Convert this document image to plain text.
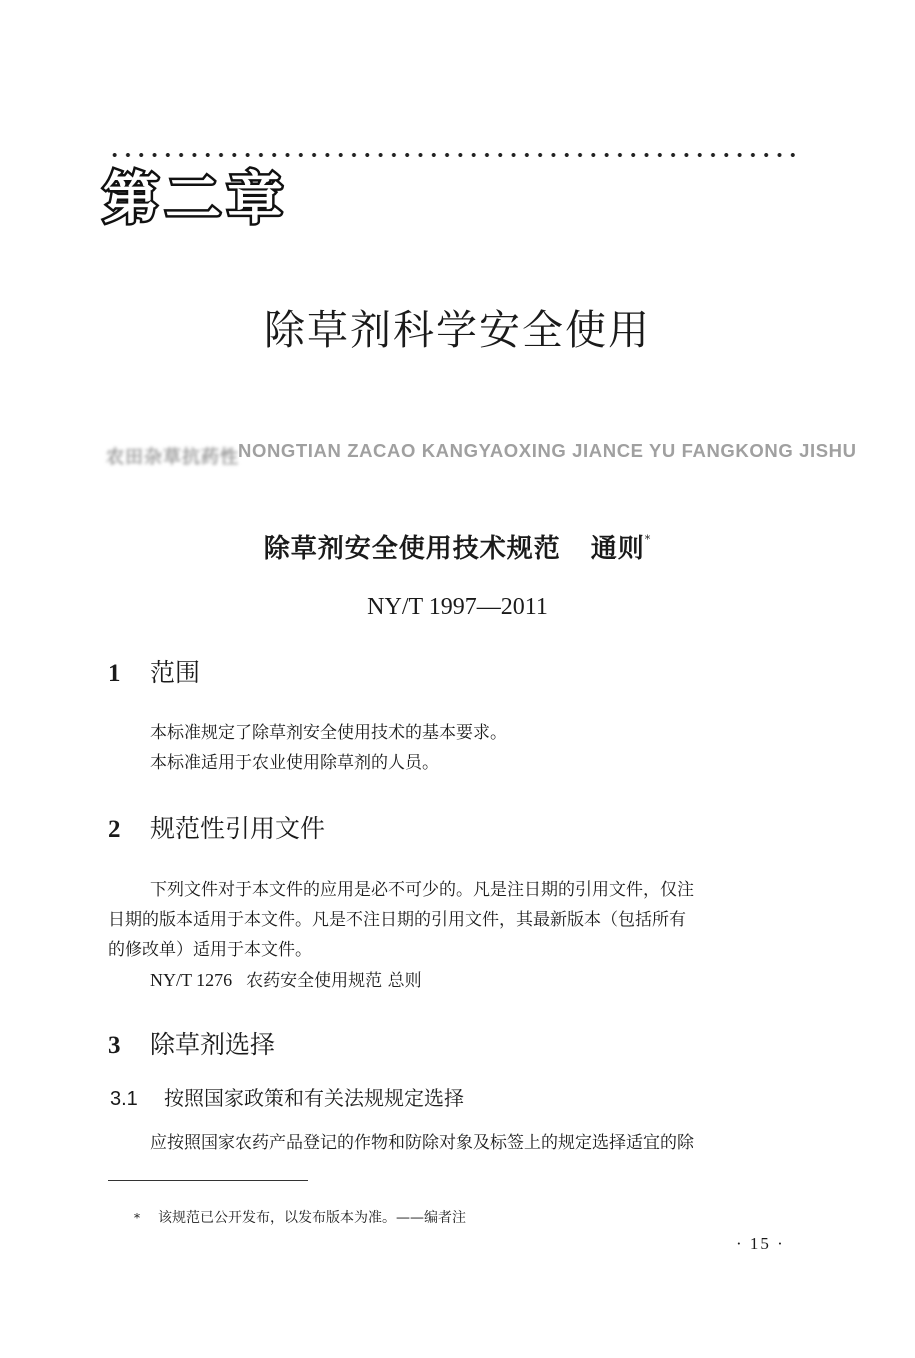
第二章
除草剂科学安全使用
农田杂草抗药性 NONGTIAN ZACAO KANGYAOXING JIANCE YU FANGKONG JISHU
除草剂安全使用技术规范 通则*
NY/T 1997—2011
1 范围
本标准规定了除草剂安全使用技术的基本要求。
本标准适用于农业使用除草剂的人员。
2 规范性引用文件
下列文件对于本文件的应用是必不可少的。凡是注日期的引用文件，仅注
日期的版本适用于本文件。凡是不注日期的引用文件，其最新版本（包括所有
的修改单）适用于本文件。
NY/T 1276 农药安全使用规范 总则
3 除草剂选择
3.1 按照国家政策和有关法规规定选择
应按照国家农药产品登记的作物和防除对象及标签上的规定选择适宜的除
* 该规范已公开发布，以发布版本为准。——编者注
· 15 ·
